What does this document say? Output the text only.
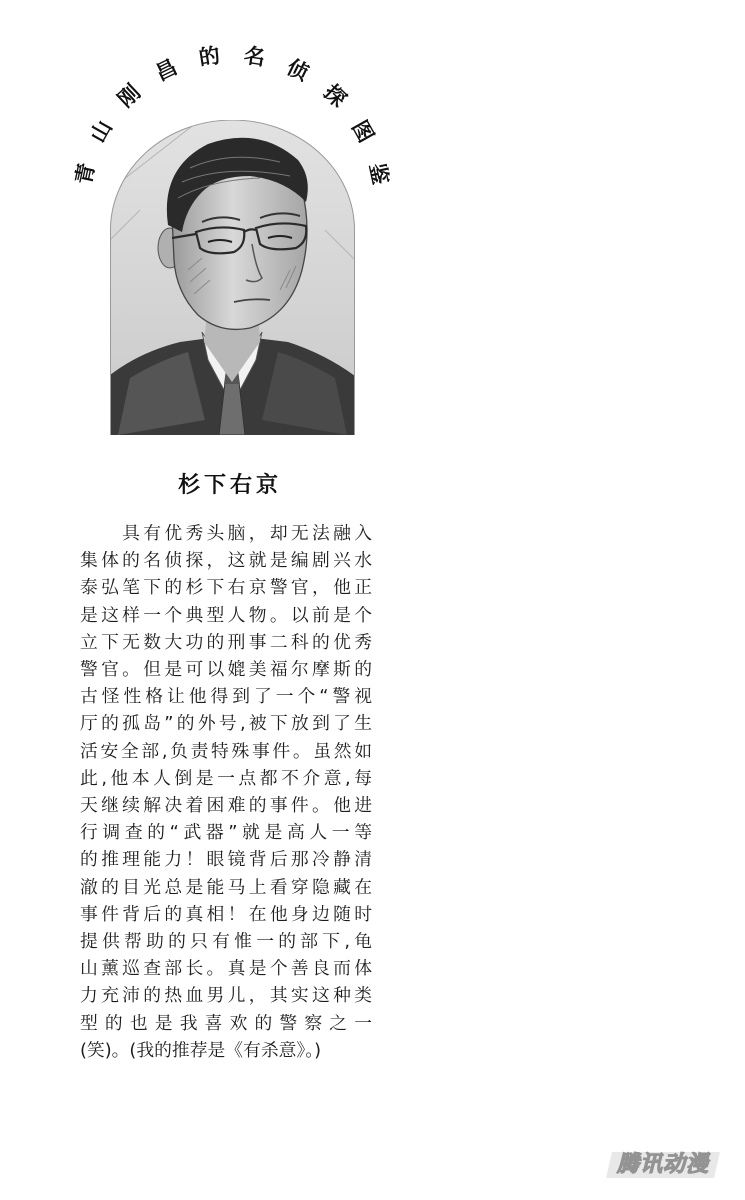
青
山
刚
昌 的 名 侦
探
图
鉴
杉下右京
　　具有优秀头脑，却无法融入
集体的名侦探，这就是编剧兴水
泰弘笔下的杉下右京警官，他正
是这样一个典型人物。以前是个
立下无数大功的刑事二科的优秀
警官。但是可以媲美福尔摩斯的
古怪性格让他得到了一个“警视
厅的孤岛”的外号,被下放到了生
活安全部,负责特殊事件。虽然如
此,他本人倒是一点都不介意,每
天继续解决着困难的事件。他进
行调查的“武器”就是高人一等
的推理能力！眼镜背后那冷静清
澈的目光总是能马上看穿隐藏在
事件背后的真相！在他身边随时
提供帮助的只有惟一的部下,龟
山薰巡查部长。真是个善良而体
力充沛的热血男儿，其实这种类
型的也是我喜欢的警察之一
(笑)。(我的推荐是《有杀意》。)
腾讯动漫
